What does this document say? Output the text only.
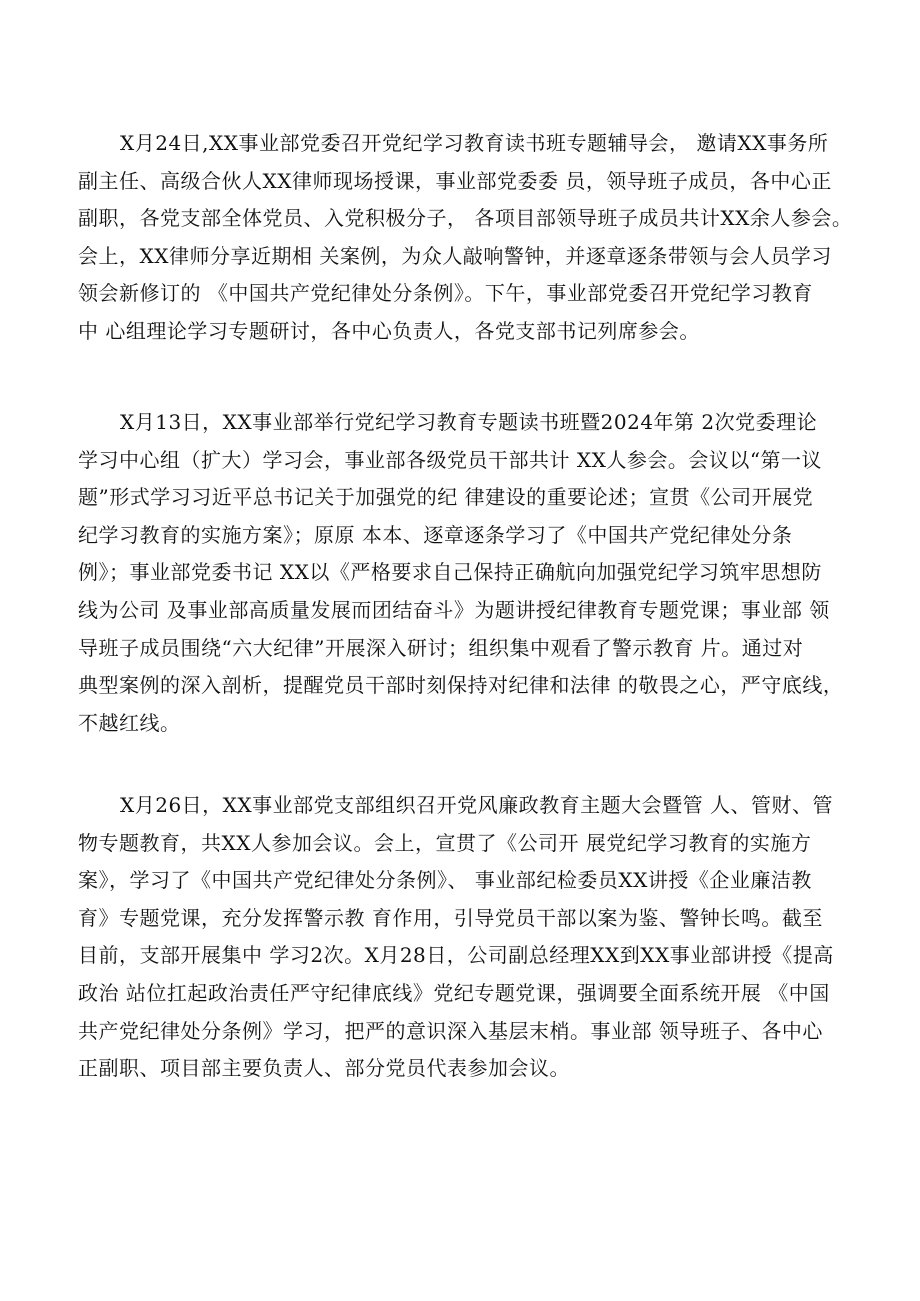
X月24日,XX事业部党委召开党纪学习教育读书班专题辅导会， 邀请XX事务所
副主任、高级合伙人XX律师现场授课，事业部党委委 员，领导班子成员，各中心正
副职，各党支部全体党员、入党积极分子， 各项目部领导班子成员共计XX余人参会。
会上，XX律师分享近期相 关案例，为众人敲响警钟，并逐章逐条带领与会人员学习
领会新修订的 《中国共产党纪律处分条例》。下午，事业部党委召开党纪学习教育
中 心组理论学习专题研讨，各中心负责人，各党支部书记列席参会。

X月13日，XX事业部举行党纪学习教育专题读书班暨2024年第 2次党委理论
学习中心组（扩大）学习会，事业部各级党员干部共计 XX人参会。会议以“第一议
题”形式学习习近平总书记关于加强党的纪 律建设的重要论述；宣贯《公司开展党
纪学习教育的实施方案》；原原 本本、逐章逐条学习了《中国共产党纪律处分条
例》；事业部党委书记 XX以《严格要求自己保持正确航向加强党纪学习筑牢思想防
线为公司 及事业部高质量发展而团结奋斗》为题讲授纪律教育专题党课；事业部 领
导班子成员围绕“六大纪律”开展深入研讨；组织集中观看了警示教育 片。通过对
典型案例的深入剖析，提醒党员干部时刻保持对纪律和法律 的敬畏之心，严守底线，
不越红线。

X月26日，XX事业部党支部组织召开党风廉政教育主题大会暨管 人、管财、管
物专题教育，共XX人参加会议。会上，宣贯了《公司开 展党纪学习教育的实施方
案》，学习了《中国共产党纪律处分条例》、 事业部纪检委员XX讲授《企业廉洁教
育》专题党课，充分发挥警示教 育作用，引导党员干部以案为鉴、警钟长鸣。截至
目前，支部开展集中 学习2次。X月28日，公司副总经理XX到XX事业部讲授《提高
政治 站位扛起政治责任严守纪律底线》党纪专题党课，强调要全面系统开展 《中国
共产党纪律处分条例》学习，把严的意识深入基层末梢。事业部 领导班子、各中心
正副职、项目部主要负责人、部分党员代表参加会议。
